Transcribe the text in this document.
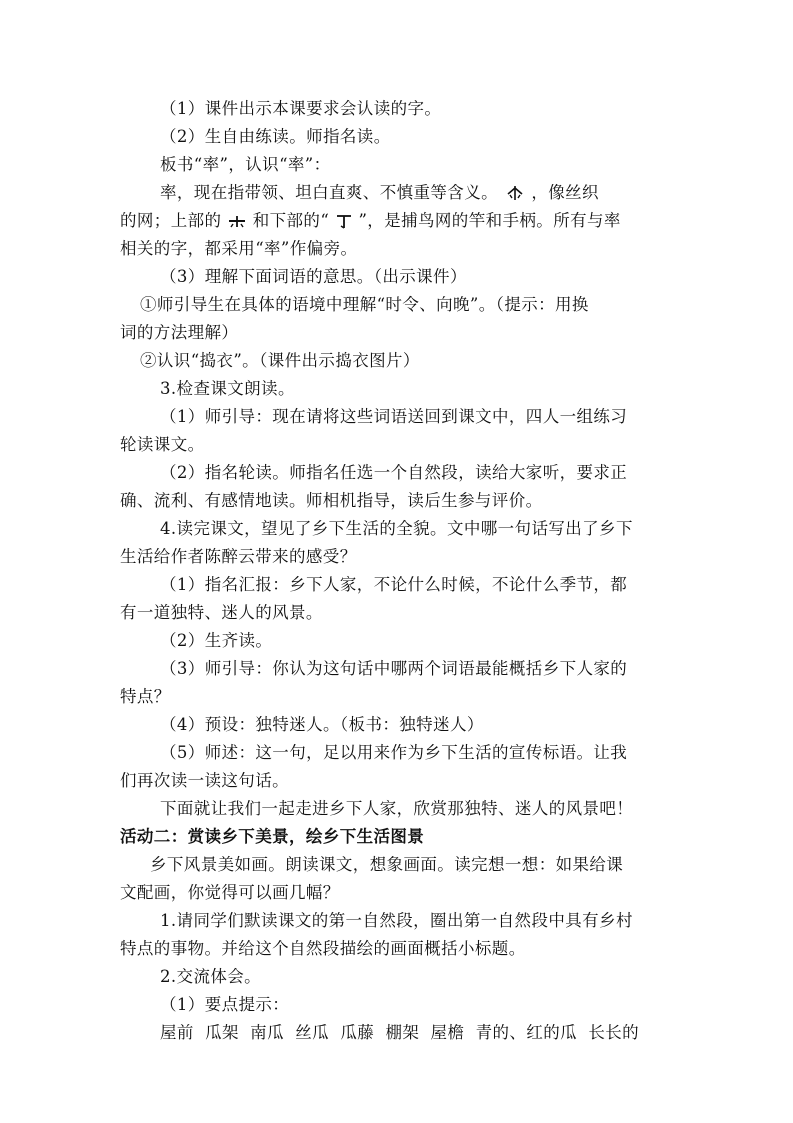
（1）课件出示本课要求会认读的字。
（2）生自由练读。师指名读。
板书“率”，认识“率”：
率，现在指带领、坦白直爽、不慎重等含义。 ，像丝织
的网；上部的 和下部的“ ”，是捕鸟网的竿和手柄。所有与率
相关的字，都采用“率”作偏旁。
（3）理解下面词语的意思。（出示课件）
①师引导生在具体的语境中理解“时令、向晚”。（提示：用换
词的方法理解）
②认识“捣衣”。（课件出示捣衣图片）
3.检查课文朗读。
（1）师引导：现在请将这些词语送回到课文中，四人一组练习
轮读课文。
（2）指名轮读。师指名任选一个自然段，读给大家听，要求正
确、流利、有感情地读。师相机指导，读后生参与评价。
4.读完课文，望见了乡下生活的全貌。文中哪一句话写出了乡下
生活给作者陈醉云带来的感受？
（1）指名汇报：乡下人家，不论什么时候，不论什么季节，都
有一道独特、迷人的风景。
（2）生齐读。
（3）师引导：你认为这句话中哪两个词语最能概括乡下人家的
特点？
（4）预设：独特迷人。（板书：独特迷人）
（5）师述：这一句，足以用来作为乡下生活的宣传标语。让我
们再次读一读这句话。
下面就让我们一起走进乡下人家，欣赏那独特、迷人的风景吧！
活动二：赏读乡下美景，绘乡下生活图景
乡下风景美如画。朗读课文，想象画面。读完想一想：如果给课
文配画，你觉得可以画几幅？
1.请同学们默读课文的第一自然段，圈出第一自然段中具有乡村
特点的事物。并给这个自然段描绘的画面概括小标题。
2.交流体会。
（1）要点提示：
屋前  瓜架  南瓜  丝瓜  瓜藤  棚架  屋檐  青的、红的瓜  长长的
